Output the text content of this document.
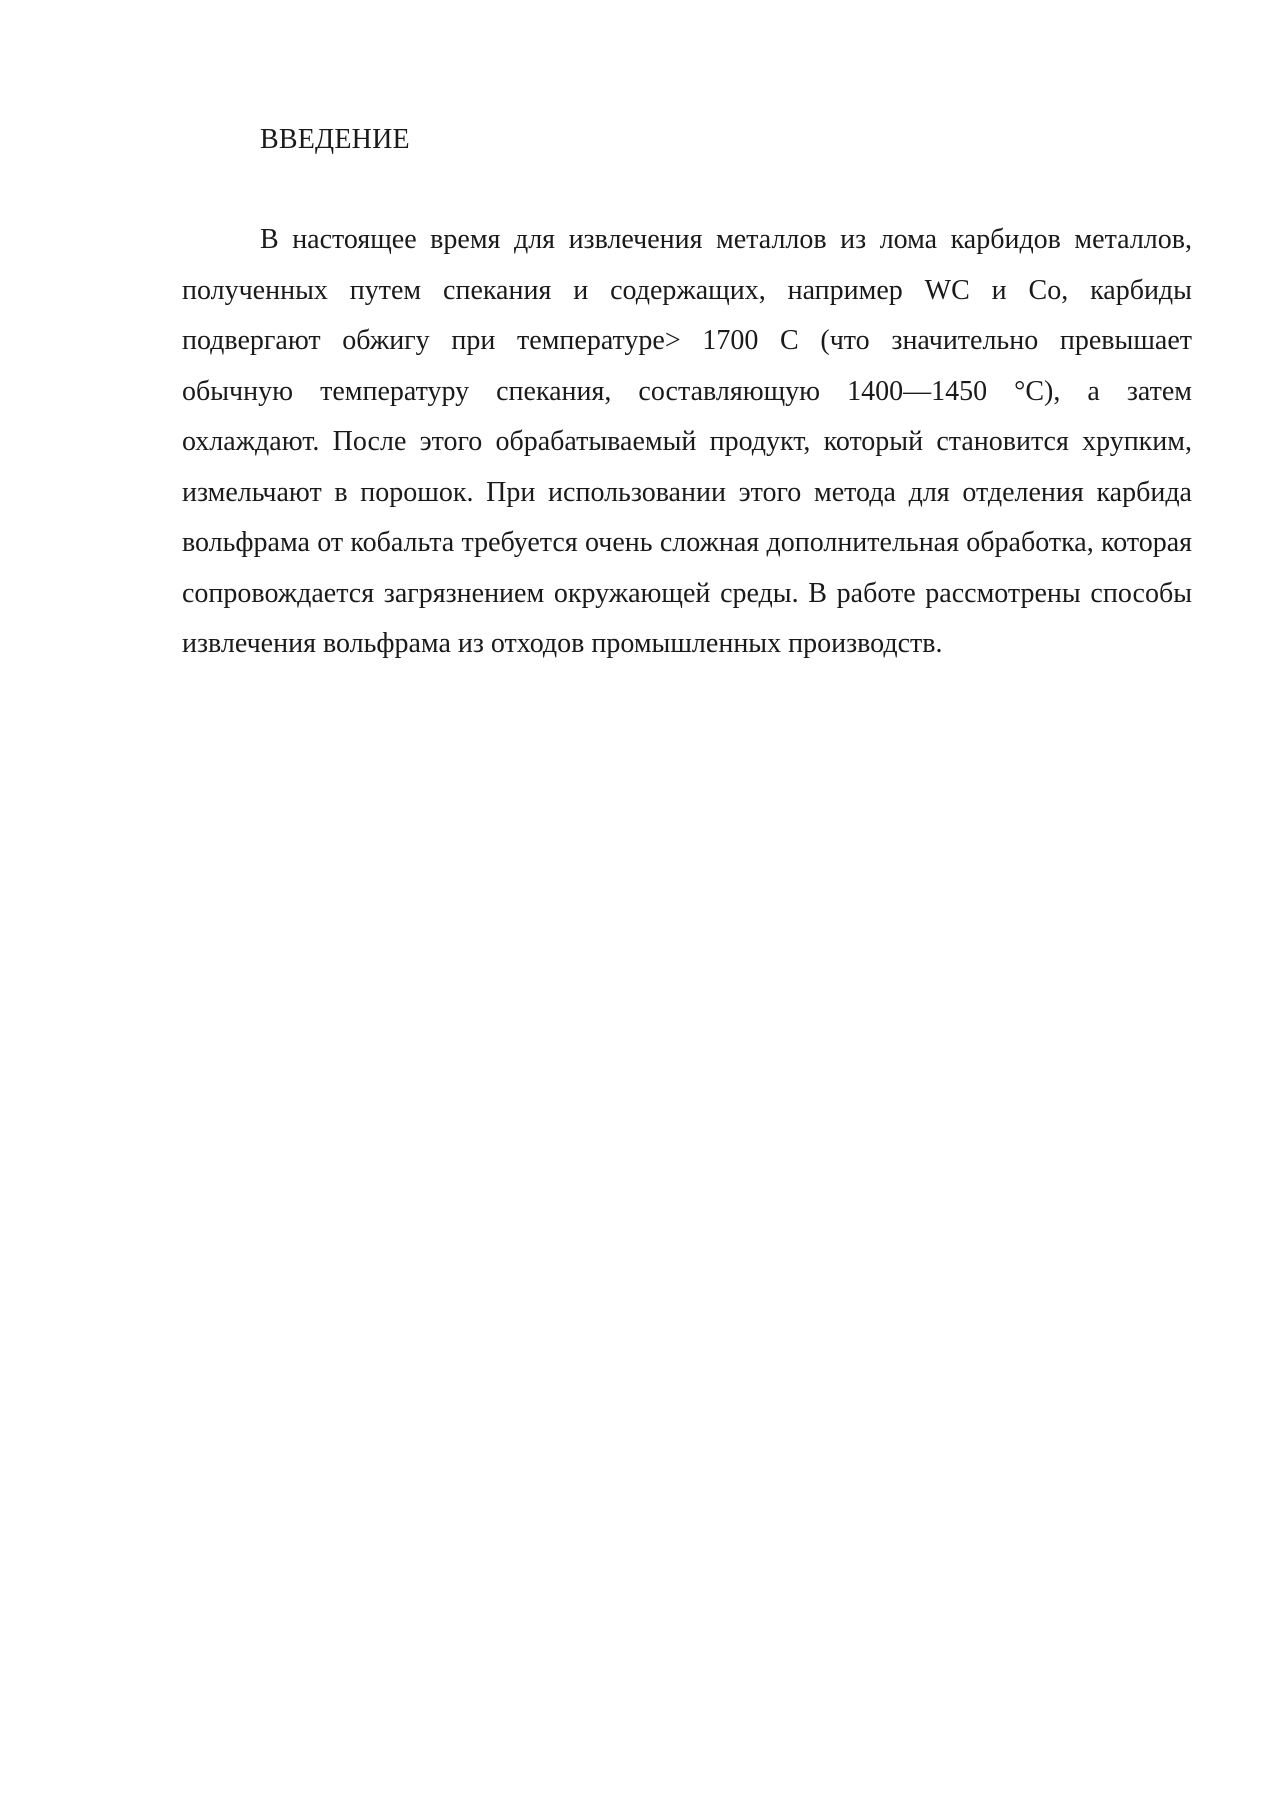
ВВЕДЕНИЕ

В настоящее время для извлечения металлов из лома карбидов металлов, полученных путем спекания и содержащих, например WC и Co, карбиды подвергают обжигу при температуре> 1700 С (что значительно превышает обычную температуру спекания, составляющую 1400—1450 °С), а затем охлаждают. После этого обрабатываемый продукт, который становится хрупким, измельчают в порошок. При использовании этого метода для отделения карбида вольфрама от кобальта требуется очень сложная дополнительная обработка, которая сопровождается загрязнением окружающей среды. В работе рассмотрены способы извлечения вольфрама из отходов промышленных производств.
